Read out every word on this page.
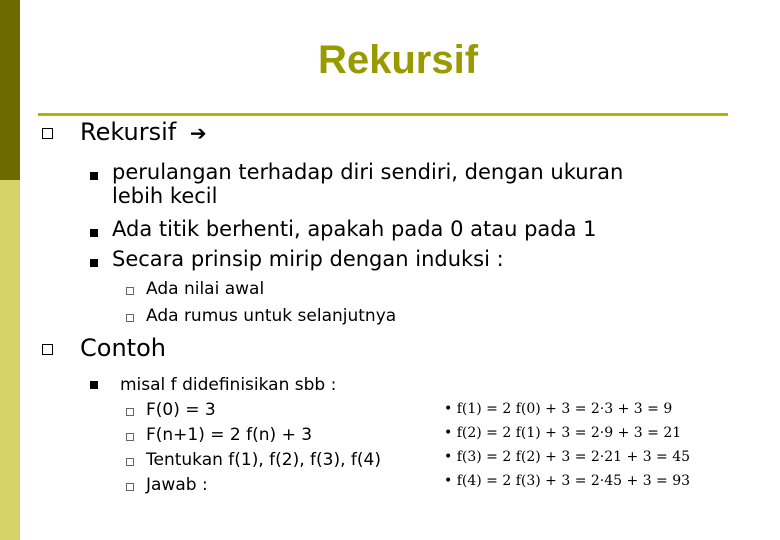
Rekursif
Rekursif ➔
perulangan terhadap diri sendiri, dengan ukuran
lebih kecil
Ada titik berhenti, apakah pada 0 atau pada 1
Secara prinsip mirip dengan induksi :
Ada nilai awal
Ada rumus untuk selanjutnya
Contoh
misal f didefinisikan sbb :
F(0) = 3
F(n+1) = 2 f(n) + 3
Tentukan f(1), f(2), f(3), f(4)
Jawab :
• f(1) = 2 f(0) + 3 = 2·3 + 3 = 9
• f(2) = 2 f(1) + 3 = 2·9 + 3 = 21
• f(3) = 2 f(2) + 3 = 2·21 + 3 = 45
• f(4) = 2 f(3) + 3 = 2·45 + 3 = 93
